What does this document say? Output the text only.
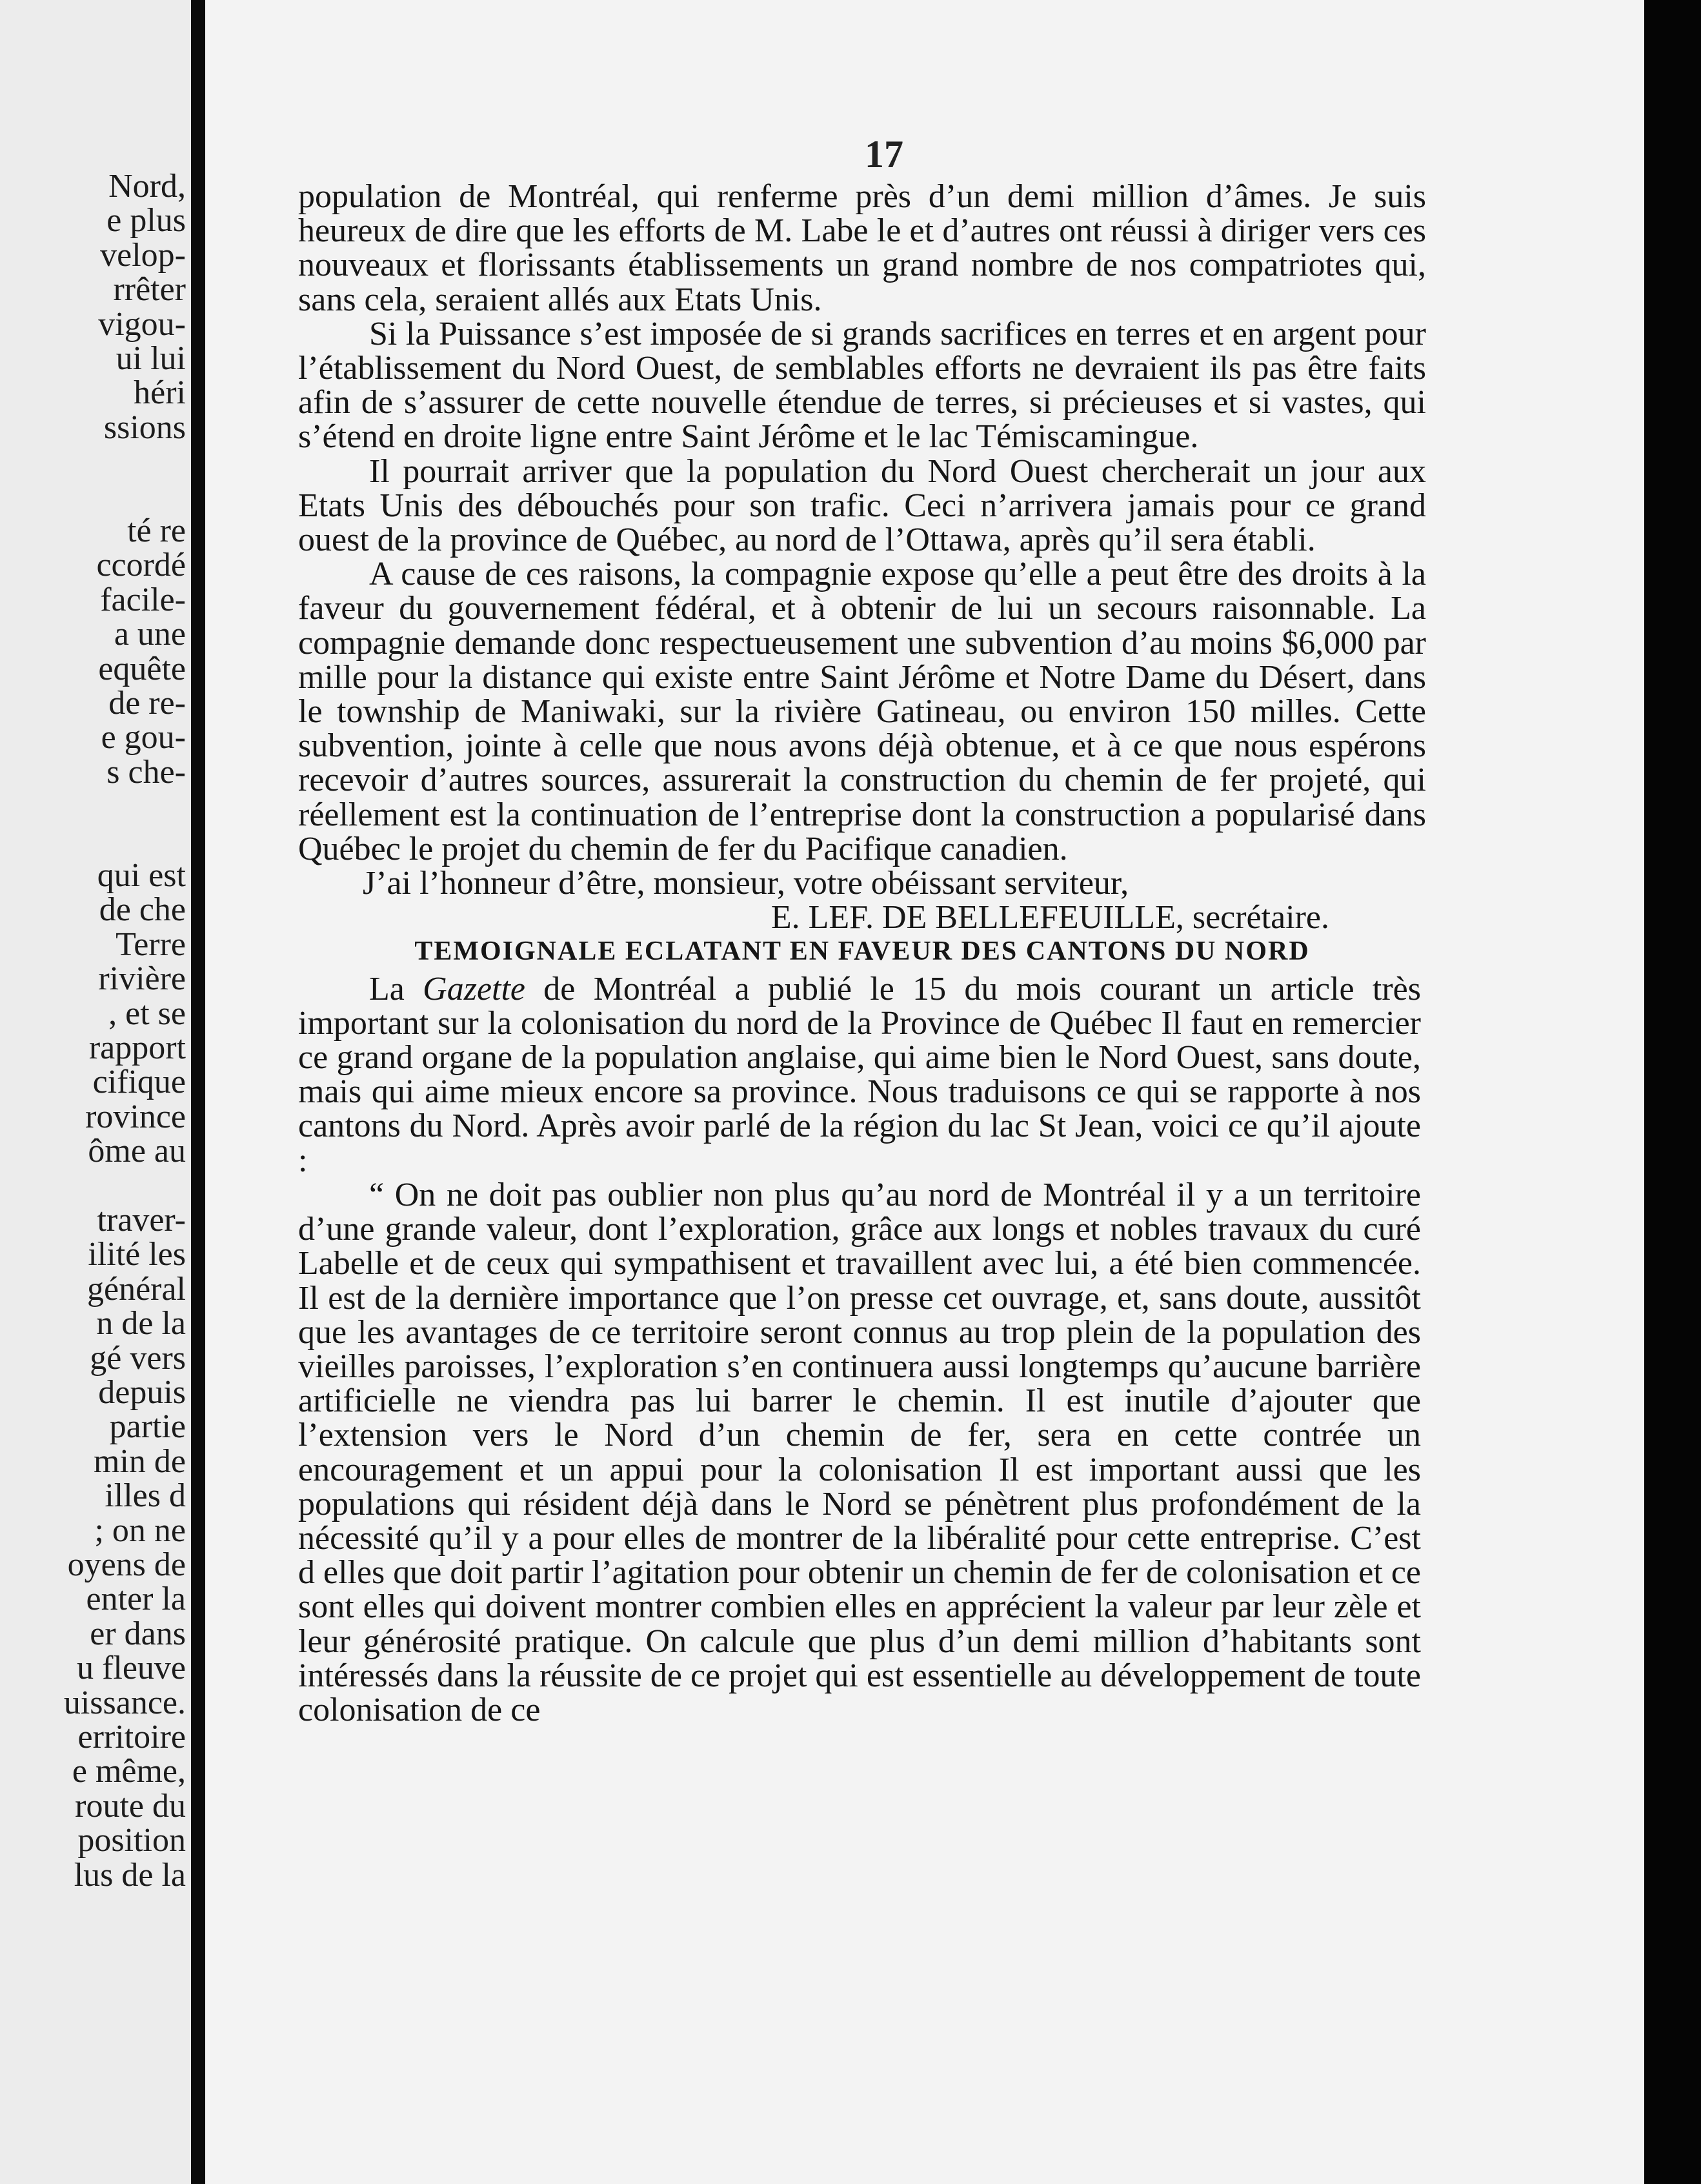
Nord,
e plus
velop-
rrêter
vigou-
ui lui
héri
ssions
té re
ccordé
facile-
a une
equête
de re-
e gou-
s che-
qui est
de che
Terre
rivière
, et se
rapport
cifique
rovince
ôme au
traver-
ilité les
général
n de la
gé vers
depuis
partie
min de
illes d
; on ne
oyens de
enter la
er dans
u fleuve
uissance.
erritoire
e même,
route du
position
lus de la
17

population de Montréal, qui renferme près d’un demi million d’âmes. Je suis heureux de dire que les efforts de M. Labe le et d’autres ont réussi à diriger vers ces nouveaux et florissants établissements un grand nombre de nos compatriotes qui, sans cela, seraient allés aux Etats Unis.

Si la Puissance s’est imposée de si grands sacrifices en terres et en argent pour l’établissement du Nord Ouest, de semblables efforts ne devraient ils pas être faits afin de s’assurer de cette nouvelle étendue de terres, si précieuses et si vastes, qui s’étend en droite ligne entre Saint Jérôme et le lac Témiscamingue.

Il pourrait arriver que la population du Nord Ouest chercherait un jour aux Etats Unis des débouchés pour son trafic. Ceci n’arrivera jamais pour ce grand ouest de la province de Québec, au nord de l’Ottawa, après qu’il sera établi.

A cause de ces raisons, la compagnie expose qu’elle a peut être des droits à la faveur du gouvernement fédéral, et à obtenir de lui un secours raisonnable. La compagnie demande donc respectueusement une subvention d’au moins $6,000 par mille pour la distance qui existe entre Saint Jérôme et Notre Dame du Désert, dans le township de Maniwaki, sur la rivière Gatineau, ou environ 150 milles. Cette subvention, jointe à celle que nous avons déjà obtenue, et à ce que nous espérons recevoir d’autres sources, assurerait la construction du chemin de fer projeté, qui réellement est la continuation de l’entreprise dont la construction a popularisé dans Québec le projet du chemin de fer du Pacifique canadien.

J’ai l’honneur d’être, monsieur, votre obéissant serviteur,

E. LEF. DE BELLEFEUILLE, secrétaire.

TEMOIGNALE ECLATANT EN FAVEUR DES CANTONS DU NORD

La Gazette de Montréal a publié le 15 du mois courant un article très important sur la colonisation du nord de la Province de Québec Il faut en remercier ce grand organe de la population anglaise, qui aime bien le Nord Ouest, sans doute, mais qui aime mieux encore sa province. Nous traduisons ce qui se rapporte à nos cantons du Nord. Après avoir parlé de la région du lac St Jean, voici ce qu’il ajoute :

“ On ne doit pas oublier non plus qu’au nord de Montréal il y a un territoire d’une grande valeur, dont l’exploration, grâce aux longs et nobles travaux du curé Labelle et de ceux qui sympathisent et travaillent avec lui, a été bien commencée. Il est de la dernière importance que l’on presse cet ouvrage, et, sans doute, aussitôt que les avantages de ce territoire seront connus au trop plein de la population des vieilles paroisses, l’exploration s’en continuera aussi longtemps qu’aucune barrière artificielle ne viendra pas lui barrer le chemin. Il est inutile d’ajouter que l’extension vers le Nord d’un chemin de fer, sera en cette contrée un encouragement et un appui pour la colonisation Il est important aussi que les populations qui résident déjà dans le Nord se pénètrent plus profondément de la nécessité qu’il y a pour elles de montrer de la libéralité pour cette entreprise. C’est d elles que doit partir l’agitation pour obtenir un chemin de fer de colonisation et ce sont elles qui doivent montrer combien elles en apprécient la valeur par leur zèle et leur générosité pratique. On calcule que plus d’un demi million d’habitants sont intéressés dans la réussite de ce projet qui est essentielle au développement de toute colonisation de ce
